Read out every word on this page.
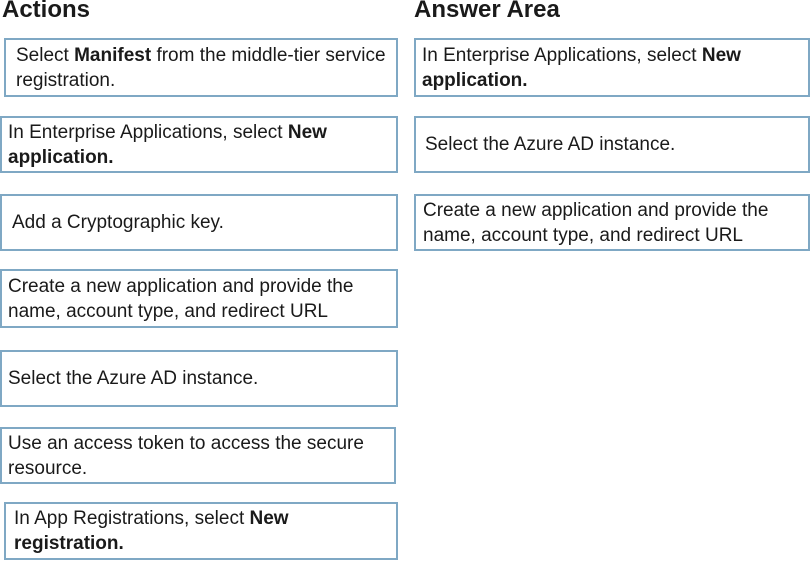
Actions	Answer Area
Select Manifest from the middle-tier service registration.
In Enterprise Applications, select New application.
Add a Cryptographic key.
Create a new application and provide the name, account type, and redirect URL
Select the Azure AD instance.
Use an access token to access the secure resource.
In App Registrations, select New registration.
In Enterprise Applications, select New application.
Select the Azure AD instance.
Create a new application and provide the name, account type, and redirect URL
